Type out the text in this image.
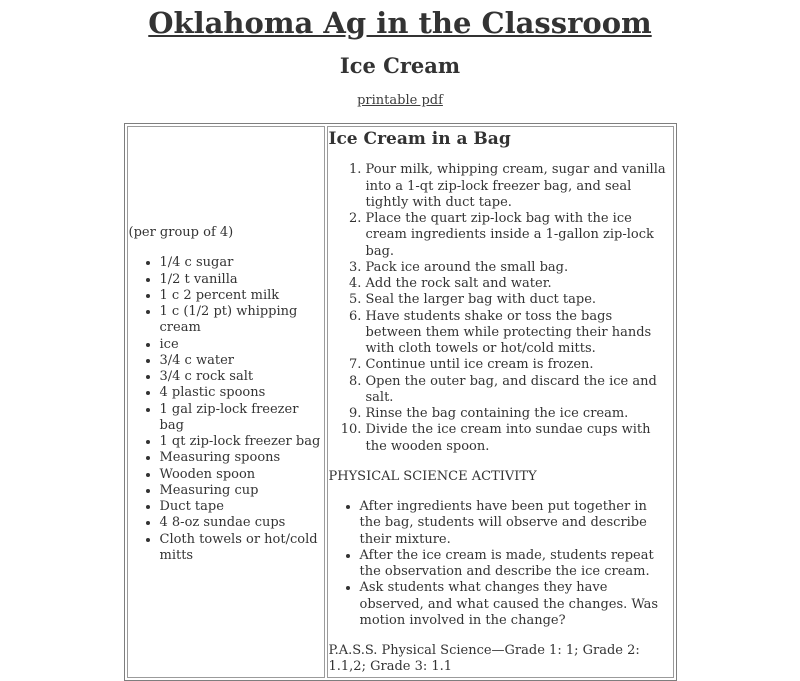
Oklahoma Ag in the Classroom
Ice Cream
printable pdf

(per group of 4)

• 1/4 c sugar
• 1/2 t vanilla
• 1 c 2 percent milk
• 1 c (1/2 pt) whipping cream
• ice
• 3/4 c water
• 3/4 c rock salt
• 4 plastic spoons
• 1 gal zip-lock freezer bag
• 1 qt zip-lock freezer bag
• Measuring spoons
• Wooden spoon
• Measuring cup
• Duct tape
• 4 8-oz sundae cups
• Cloth towels or hot/cold mitts

Ice Cream in a Bag
1. Pour milk, whipping cream, sugar and vanilla into a 1-qt zip-lock freezer bag, and seal tightly with duct tape.
2. Place the quart zip-lock bag with the ice cream ingredients inside a 1-gallon zip-lock bag.
3. Pack ice around the small bag.
4. Add the rock salt and water.
5. Seal the larger bag with duct tape.
6. Have students shake or toss the bags between them while protecting their hands with cloth towels or hot/cold mitts.
7. Continue until ice cream is frozen.
8. Open the outer bag, and discard the ice and salt.
9. Rinse the bag containing the ice cream.
10. Divide the ice cream into sundae cups with the wooden spoon.

PHYSICAL SCIENCE ACTIVITY

• After ingredients have been put together in the bag, students will observe and describe their mixture.
• After the ice cream is made, students repeat the observation and describe the ice cream.
• Ask students what changes they have observed, and what caused the changes. Was motion involved in the change?

P.A.S.S. Physical Science—Grade 1: 1; Grade 2: 1.1,2; Grade 3: 1.1
